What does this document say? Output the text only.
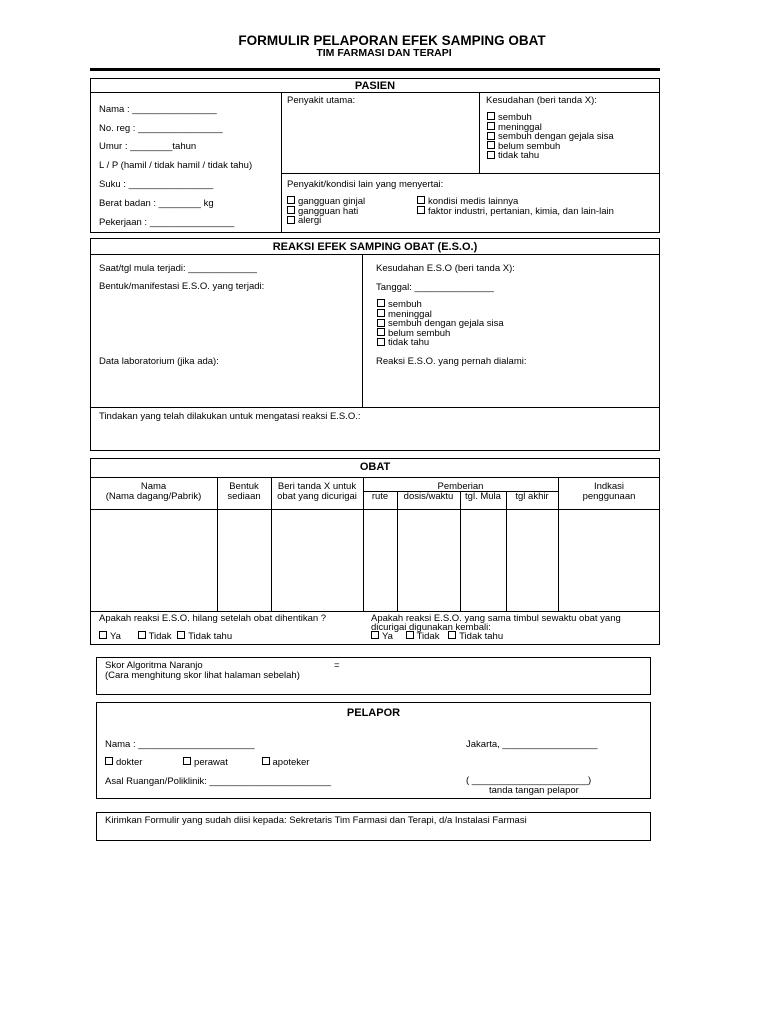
FORMULIR PELAPORAN EFEK SAMPING OBAT
TIM FARMASI DAN TERAPI
PASIEN
Nama : ________________
No. reg : ________________
Umur : ________tahun
L / P (hamil / tidak hamil / tidak tahu)
Suku : ________________
Berat badan : ________ kg
Pekerjaan : ________________
Penyakit utama:	Kesudahan (beri tanda X):
sembuh
meninggal
sembuh dengan gejala sisa
belum sembuh
tidak tahu
Penyakit/kondisi lain yang menyertai:
gangguan ginjal
gangguan hati
alergi
kondisi medis lainnya
faktor industri, pertanian, kimia, dan lain-lain
REAKSI EFEK SAMPING OBAT (E.S.O.)
Saat/tgl mula terjadi: _____________
Bentuk/manifestasi E.S.O. yang terjadi:
Data laboratorium (jika ada):
Kesudahan E.S.O (beri tanda X):
Tanggal: _______________
sembuh
meninggal
sembuh dengan gejala sisa
belum sembuh
tidak tahu
Reaksi E.S.O. yang pernah dialami:
Tindakan yang telah dilakukan untuk mengatasi reaksi E.S.O.:
OBAT
Nama
(Nama dagang/Pabrik)
Bentuk
sediaan
Beri tanda X untuk
obat yang dicurigai
Pemberian
rute	dosis/waktu	tgl. Mula	tgl akhir
Indkasi
penggunaan
Apakah reaksi E.S.O. hilang setelah obat dihentikan ?
Ya	Tidak Tidak tahu
Apakah reaksi E.S.O. yang sama timbul sewaktu obat yang
dicurigai digunakan kembali:
Ya Tidak Tidak tahu
Skor Algoritma Naranjo	=
(Cara menghitung skor lihat halaman sebelah)
PELAPOR
Nama : ______________________	Jakarta, __________________
dokter	perawat	apoteker
Asal Ruangan/Poliklinik: _______________________	( ______________________)
tanda tangan pelapor
Kirimkan Formulir yang sudah diisi kepada: Sekretaris Tim Farmasi dan Terapi, d/a Instalasi Farmasi
